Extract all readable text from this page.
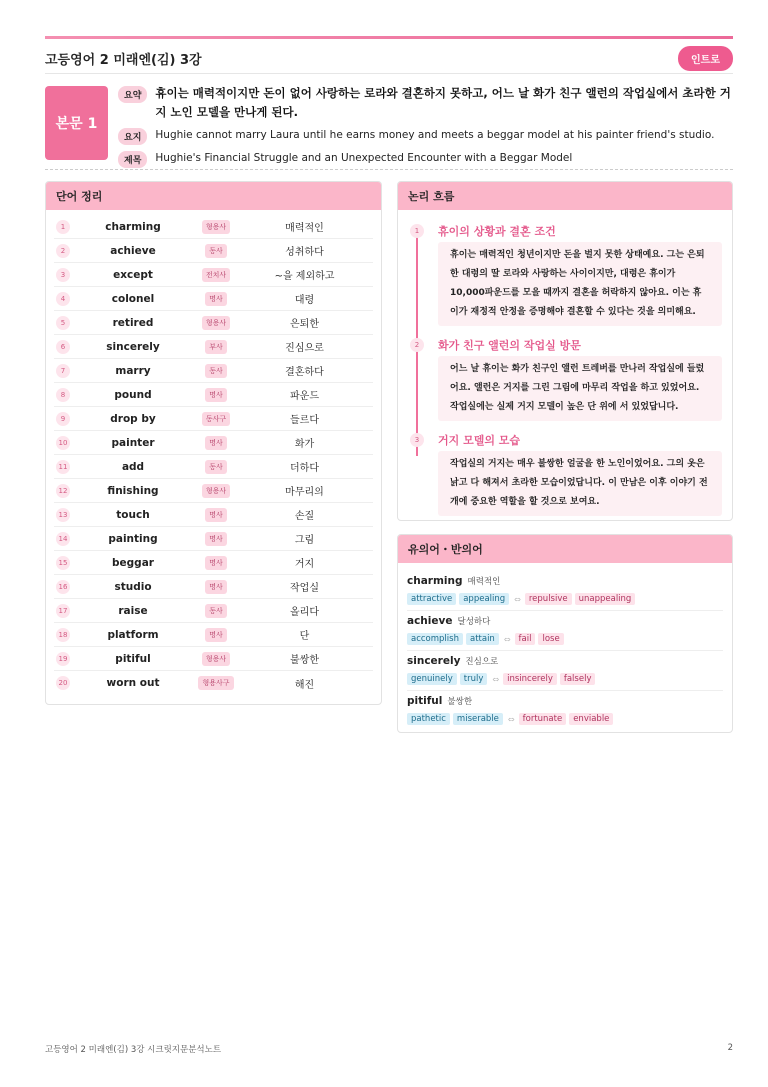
고등영어 2 미래엔(김) 3강	인트로
본문 1
요약	휴이는 매력적이지만 돈이 없어 사랑하는 로라와 결혼하지 못하고, 어느 날 화가 친구 앨런의 작업실에서 초라한 거지 노인 모델을 만나게 된다.
요지	Hughie cannot marry Laura until he earns money and meets a beggar model at his painter friend's studio.
제목	Hughie's Financial Struggle and an Unexpected Encounter with a Beggar Model
단어 정리
1	charming	형용사	매력적인
2	achieve	동사	성취하다
3	except	전치사	~을 제외하고
4	colonel	명사	대령
5	retired	형용사	은퇴한
6	sincerely	부사	진심으로
7	marry	동사	결혼하다
8	pound	명사	파운드
9	drop by	동사구	들르다
10	painter	명사	화가
11	add	동사	더하다
12	finishing	형용사	마무리의
13	touch	명사	손질
14	painting	명사	그림
15	beggar	명사	거지
16	studio	명사	작업실
17	raise	동사	올리다
18	platform	명사	단
19	pitiful	형용사	불쌍한
20	worn out	형용사구	해진
논리 흐름
1	휴이의 상황과 결혼 조건
휴이는 매력적인 청년이지만 돈을 벌지 못한 상태예요. 그는 은퇴한 대령의 딸 로라와 사랑하는 사이이지만, 대령은 휴이가 10,000파운드를 모을 때까지 결혼을 허락하지 않아요. 이는 휴이가 재정적 안정을 증명해야 결혼할 수 있다는 것을 의미해요.
2	화가 친구 앨런의 작업실 방문
어느 날 휴이는 화가 친구인 앨런 트레버를 만나러 작업실에 들렀어요. 앨런은 거지를 그린 그림에 마무리 작업을 하고 있었어요. 작업실에는 실제 거지 모델이 높은 단 위에 서 있었답니다.
3	거지 모델의 모습
작업실의 거지는 매우 불쌍한 얼굴을 한 노인이었어요. 그의 옷은 낡고 다 해져서 초라한 모습이었답니다. 이 만남은 이후 이야기 전개에 중요한 역할을 할 것으로 보여요.
유의어・반의어
charming 매력적인
attractive	appealing	⇔ repulsive	unappealing
achieve 달성하다
accomplish	attain	⇔ fail	lose
sincerely 진심으로
genuinely	truly	⇔ insincerely	falsely
pitiful 불쌍한
pathetic	miserable	⇔ fortunate	enviable
고등영어 2 미래엔(김) 3강 시크릿지문분석노트	2
